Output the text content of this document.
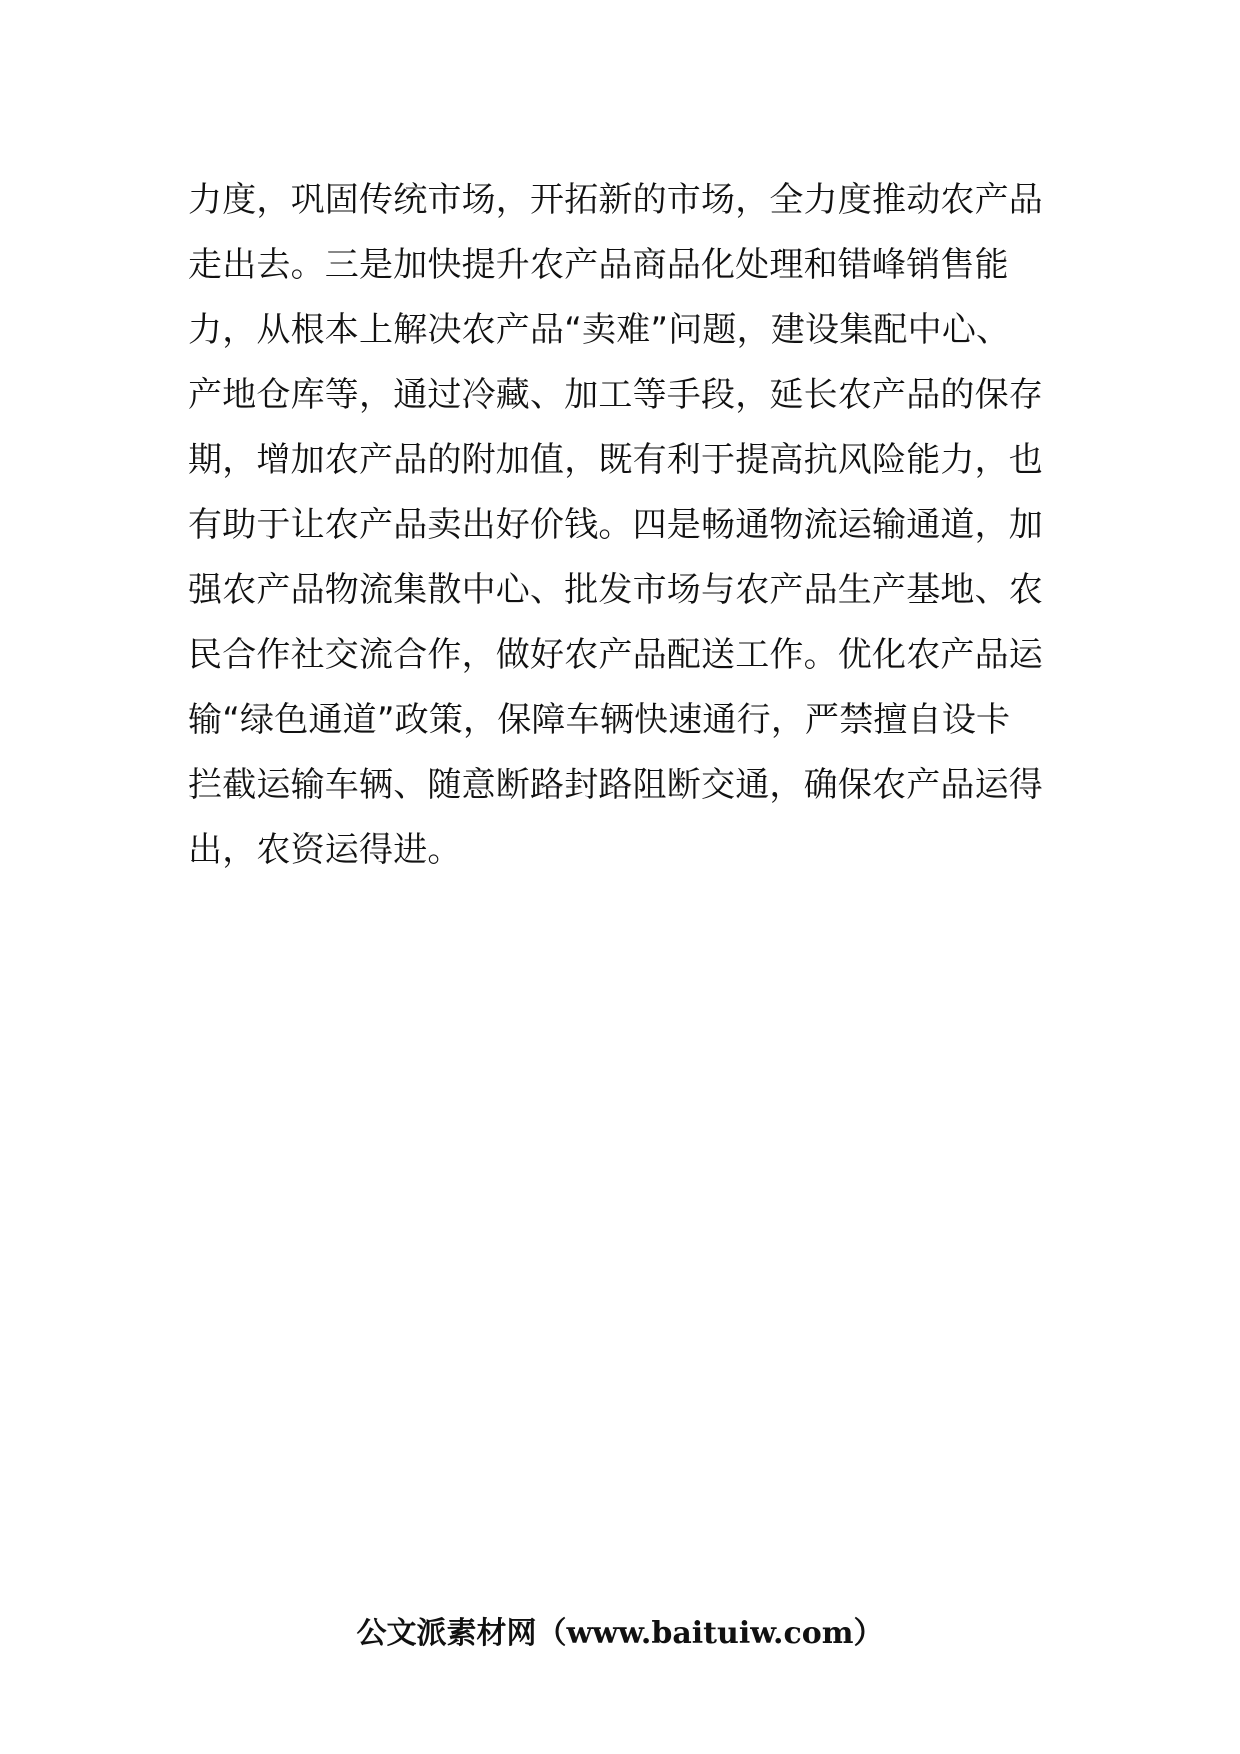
力度，巩固传统市场，开拓新的市场，全力度推动农产品
走出去。三是加快提升农产品商品化处理和错峰销售能
力，从根本上解决农产品“卖难”问题，建设集配中心、
产地仓库等，通过冷藏、加工等手段，延长农产品的保存
期，增加农产品的附加值，既有利于提高抗风险能力，也
有助于让农产品卖出好价钱。四是畅通物流运输通道，加
强农产品物流集散中心、批发市场与农产品生产基地、农
民合作社交流合作，做好农产品配送工作。优化农产品运
输“绿色通道”政策，保障车辆快速通行，严禁擅自设卡
拦截运输车辆、随意断路封路阻断交通，确保农产品运得
出，农资运得进。
公文派素材网（www.baituiw.com）
